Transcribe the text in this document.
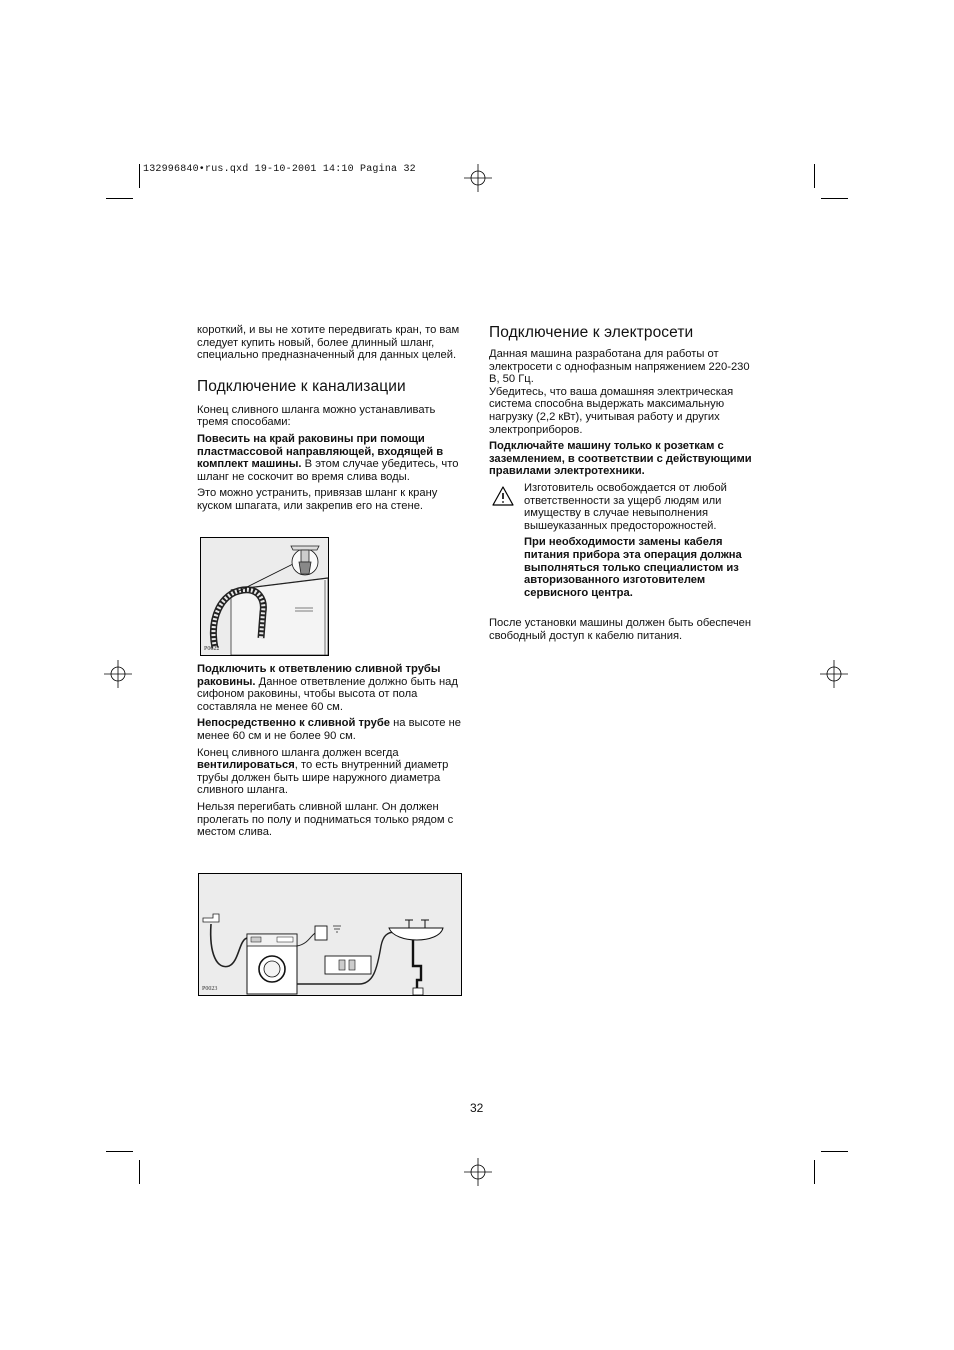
132996840•rus.qxd 19-10-2001 14:10 Pagina 32

короткий, и вы не хотите передвигать кран, то вам следует купить новый, более длинный шланг, специально предназначенный для данных целей.

Подключение к канализации

Конец сливного шланга можно устанавливать тремя способами:

Повесить на край раковины при помощи пластмассовой направляющей, входящей в комплект машины. В этом случае убедитесь, что шланг не соскочит во время слива воды.

Это можно устранить, привязав шланг к крану куском шпагата, или закрепив его на стене.

P0022

Подключить к ответвлению сливной трубы раковины. Данное ответвление должно быть над сифоном раковины, чтобы высота от пола составляла не менее 60 см.

Непосредственно к сливной трубе на высоте не менее 60 см и не более 90 см.

Конец сливного шланга должен всегда вентилироваться, то есть внутренний диаметр трубы должен быть шире наружного диаметра сливного шланга.

Нельзя перегибать сливной шланг. Он должен пролегать по полу и подниматься только рядом с местом слива.

P0023
Подключение к электросети

Данная машина разработана для работы от электросети с однофазным напряжением 220-230 В, 50 Гц.

Убедитесь, что ваша домашняя электрическая система способна выдержать максимальную нагрузку (2,2 кВт), учитывая работу и других электроприборов.

Подключайте машину только к розеткам с заземлением, в соответствии с действующими правилами электротехники.

Изготовитель освобождается от любой ответственности за ущерб людям или имуществу в случае невыполнения вышеуказанных предосторожностей.

При необходимости замены кабеля питания прибора эта операция должна выполняться только специалистом из авторизованного изготовителем сервисного центра.

После установки машины должен быть обеспечен свободный доступ к кабелю питания.

32
